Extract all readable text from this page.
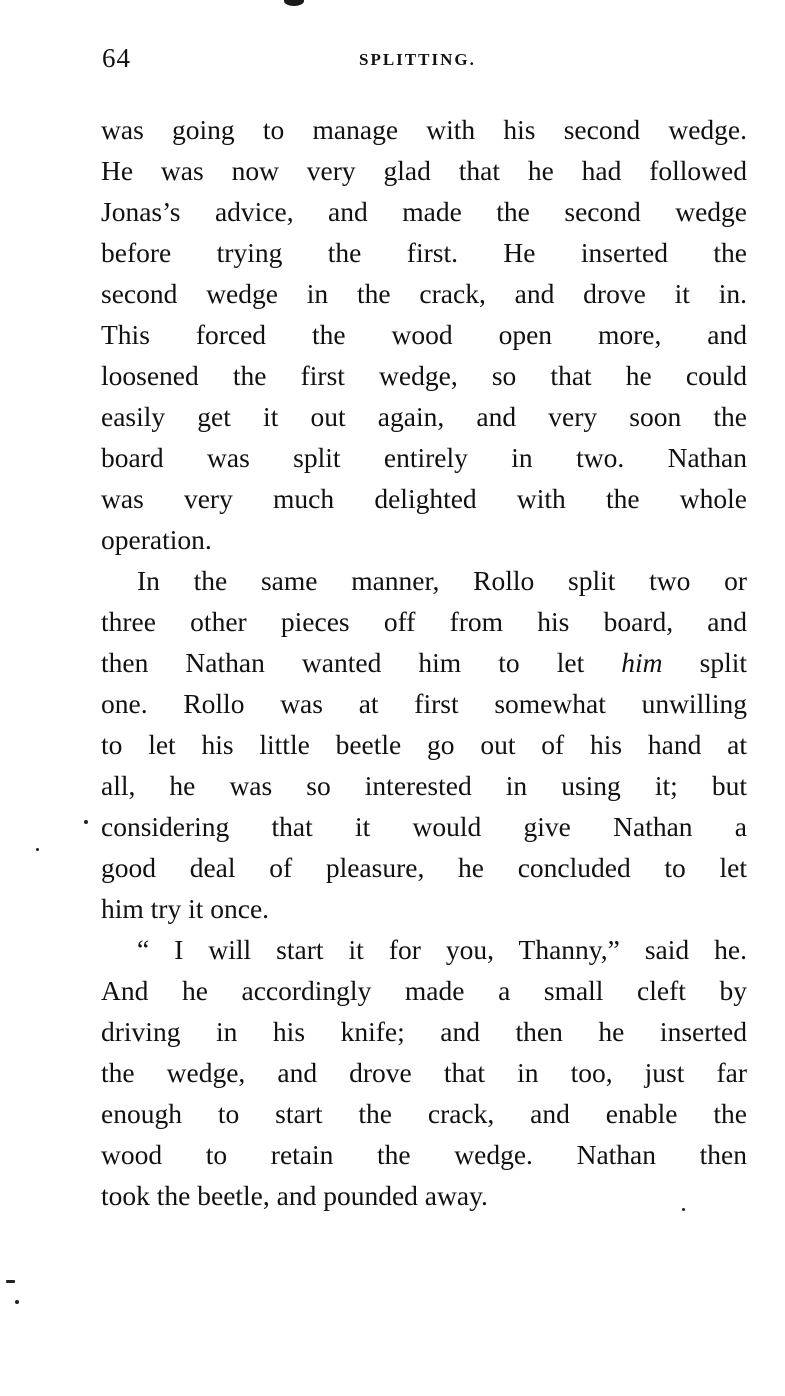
64	SPLITTING.
was going to manage with his second wedge.
He was now very glad that he had followed
Jonas’s advice, and made the second wedge
before trying the first. He inserted the
second wedge in the crack, and drove it in.
This forced the wood open more, and
loosened the first wedge, so that he could
easily get it out again, and very soon the
board was split entirely in two. Nathan
was very much delighted with the whole
operation.
In the same manner, Rollo split two or
three other pieces off from his board, and
then Nathan wanted him to let him split
one. Rollo was at first somewhat unwilling
to let his little beetle go out of his hand at
all, he was so interested in using it; but
considering that it would give Nathan a
good deal of pleasure, he concluded to let
him try it once.
“ I will start it for you, Thanny,” said he.
And he accordingly made a small cleft by
driving in his knife; and then he inserted
the wedge, and drove that in too, just far
enough to start the crack, and enable the
wood to retain the wedge. Nathan then
took the beetle, and pounded away.
